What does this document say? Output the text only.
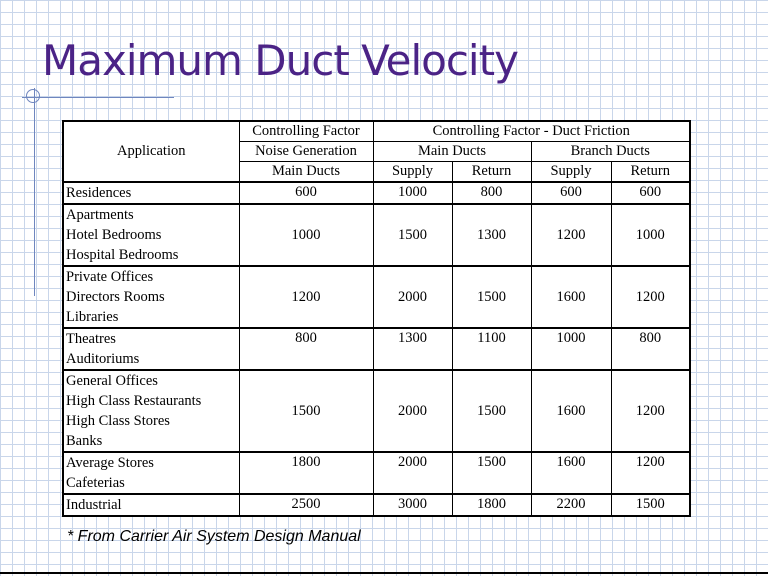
Maximum Duct Velocity
Application	Controlling Factor	Controlling Factor - Duct Friction			
	Noise Generation	Main Ducts		Branch Ducts	
	Main Ducts	Supply	Return	Supply	Return

Residences	600	1000	800	600	600

Apartments
Hotel Bedrooms
Hospital Bedrooms	1000	1500	1300	1200	1000

Private Offices
Directors Rooms
Libraries	1200	2000	1500	1600	1200

Theatres
Auditoriums	800	1300	1100	1000	800

General Offices
High Class Restaurants
High Class Stores
Banks	1500	2000	1500	1600	1200

Average Stores
Cafeterias	1800	2000	1500	1600	1200

Industrial	2500	3000	1800	2200	1500

* From Carrier Air System Design Manual
